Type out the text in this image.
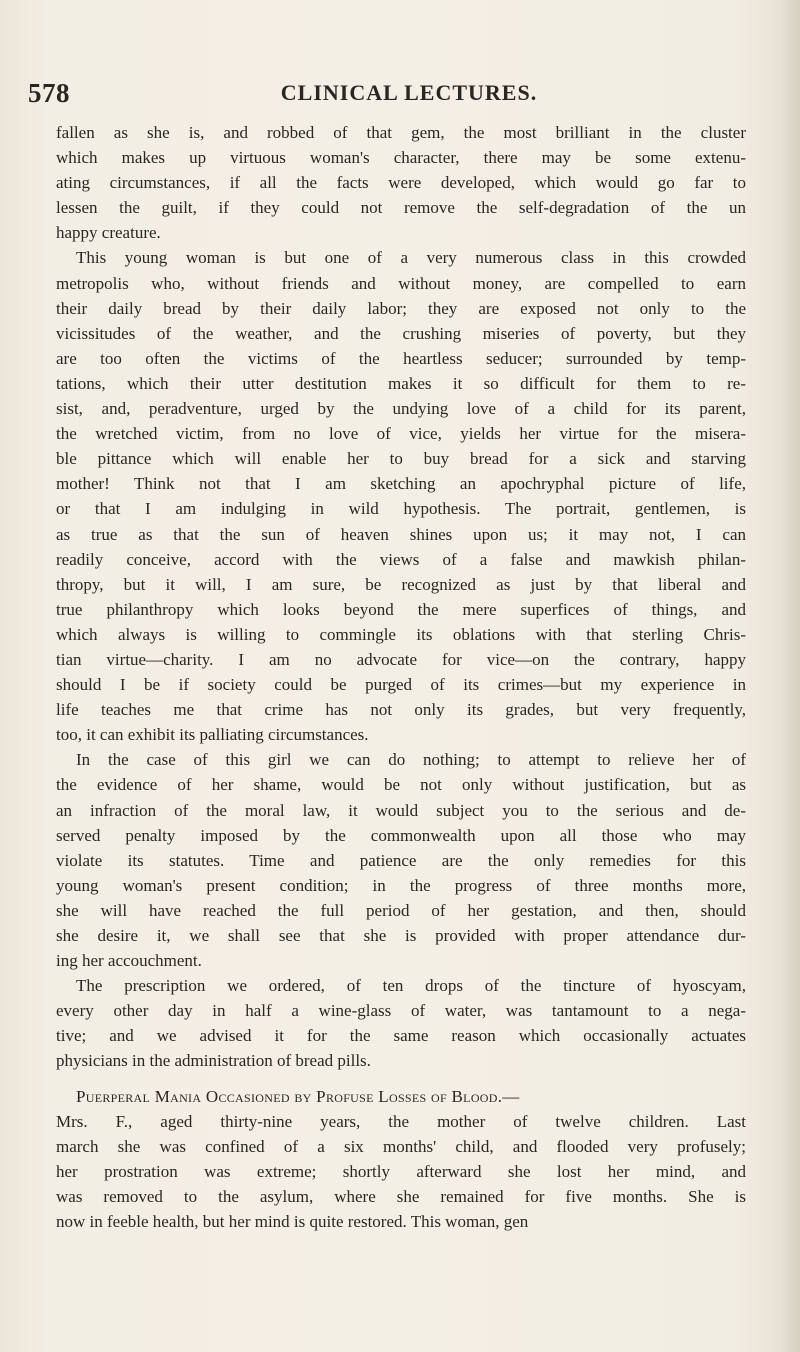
578	CLINICAL LECTURES.
fallen as she is, and robbed of that gem, the most brilliant in the cluster
which makes up virtuous woman's character, there may be some extenu-
ating circumstances, if all the facts were developed, which would go far to
lessen the guilt, if they could not remove the self-degradation of the un
happy creature.
This young woman is but one of a very numerous class in this crowded
metropolis who, without friends and without money, are compelled to earn
their daily bread by their daily labor; they are exposed not only to the
vicissitudes of the weather, and the crushing miseries of poverty, but they
are too often the victims of the heartless seducer; surrounded by temp-
tations, which their utter destitution makes it so difficult for them to re-
sist, and, peradventure, urged by the undying love of a child for its parent,
the wretched victim, from no love of vice, yields her virtue for the misera-
ble pittance which will enable her to buy bread for a sick and starving
mother! Think not that I am sketching an apochryphal picture of life,
or that I am indulging in wild hypothesis. The portrait, gentlemen, is
as true as that the sun of heaven shines upon us; it may not, I can
readily conceive, accord with the views of a false and mawkish philan-
thropy, but it will, I am sure, be recognized as just by that liberal and
true philanthropy which looks beyond the mere superfices of things, and
which always is willing to commingle its oblations with that sterling Chris-
tian virtue—charity. I am no advocate for vice—on the contrary, happy
should I be if society could be purged of its crimes—but my experience in
life teaches me that crime has not only its grades, but very frequently,
too, it can exhibit its palliating circumstances.
In the case of this girl we can do nothing; to attempt to relieve her of
the evidence of her shame, would be not only without justification, but as
an infraction of the moral law, it would subject you to the serious and de-
served penalty imposed by the commonwealth upon all those who may
violate its statutes. Time and patience are the only remedies for this
young woman's present condition; in the progress of three months more,
she will have reached the full period of her gestation, and then, should
she desire it, we shall see that she is provided with proper attendance dur-
ing her accouchment.
The prescription we ordered, of ten drops of the tincture of hyoscyam,
every other day in half a wine-glass of water, was tantamount to a nega-
tive; and we advised it for the same reason which occasionally actuates
physicians in the administration of bread pills.
Puerperal Mania Occasioned by Profuse Losses of Blood.—
Mrs. F., aged thirty-nine years, the mother of twelve children. Last
march she was confined of a six months' child, and flooded very profusely;
her prostration was extreme; shortly afterward she lost her mind, and
was removed to the asylum, where she remained for five months. She is
now in feeble health, but her mind is quite restored. This woman, gen
